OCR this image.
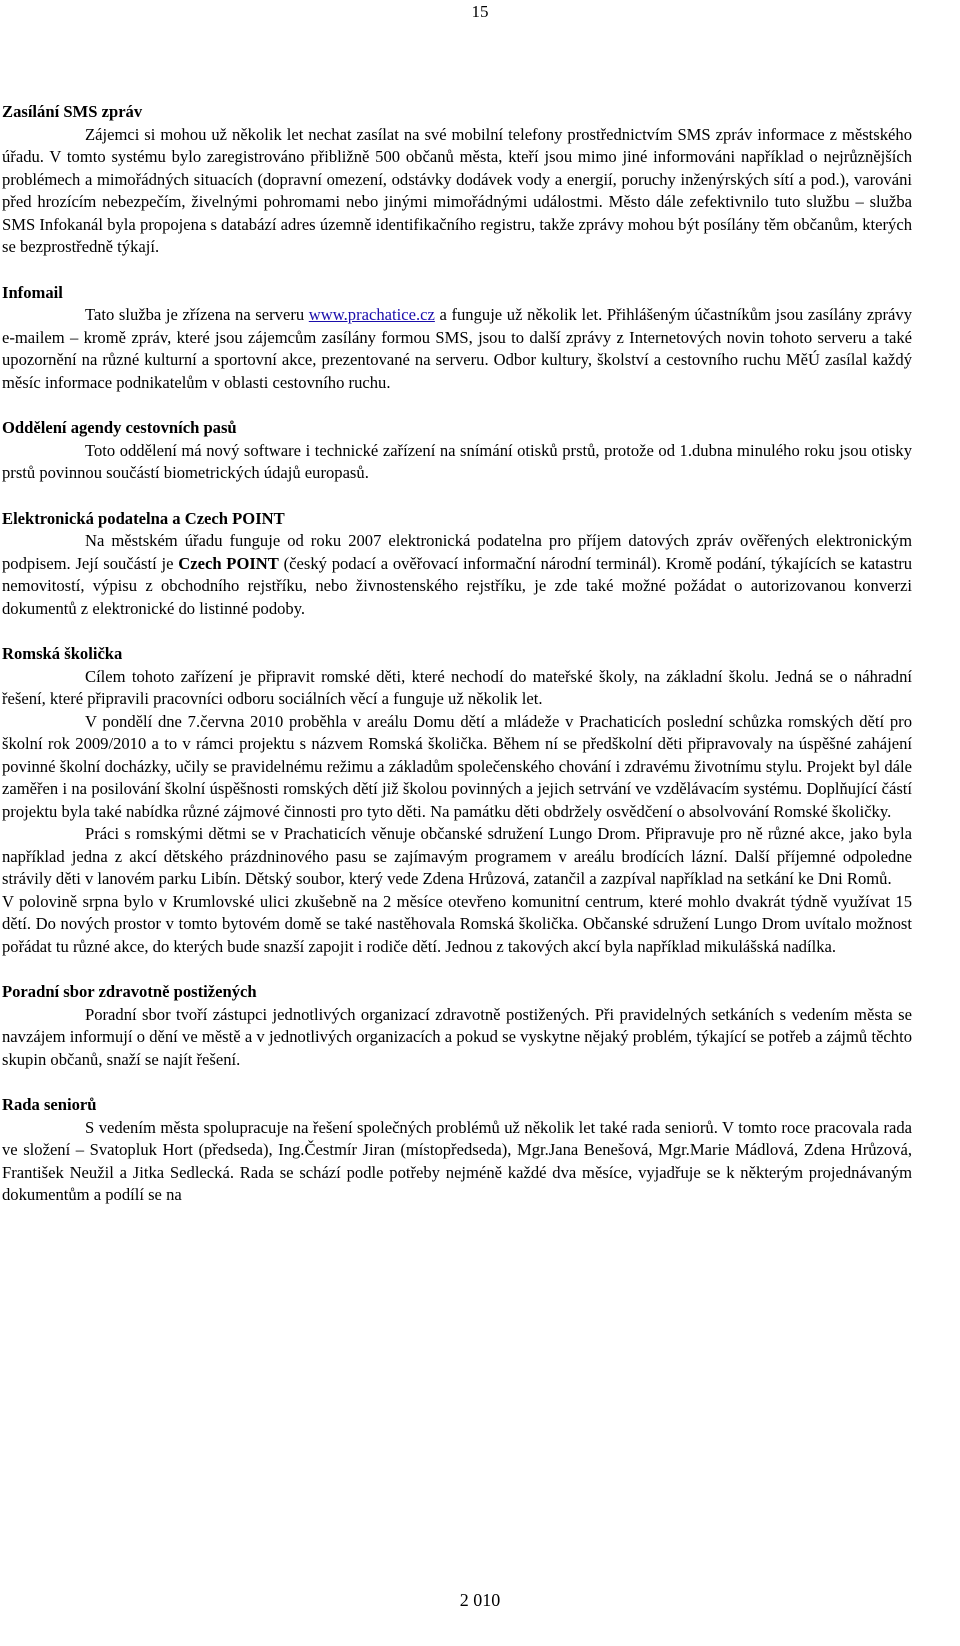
15
Zasílání SMS zpráv

Zájemci si mohou už několik let nechat zasílat na své mobilní telefony prostřednictvím SMS zpráv informace z městského úřadu. V tomto systému bylo zaregistrováno přibližně 500 občanů města, kteří jsou mimo jiné informováni například o nejrůznějších problémech a mimořádných situacích (dopravní omezení, odstávky dodávek vody a energií, poruchy inženýrských sítí a pod.), varováni před hrozícím nebezpečím, živelnými pohromami nebo jinými mimořádnými událostmi. Město dále zefektivnilo tuto službu – služba SMS Infokanál byla propojena s databází adres územně identifikačního registru, takže zprávy mohou být posílány těm občanům, kterých se bezprostředně týkají.

Infomail

Tato služba je zřízena na serveru www.prachatice.cz a funguje už několik let. Přihlášeným účastníkům jsou zasílány zprávy e-mailem – kromě zpráv, které jsou zájemcům zasílány formou SMS, jsou to další zprávy z Internetových novin tohoto serveru a také upozornění na různé kulturní a sportovní akce, prezentované na serveru. Odbor kultury, školství a cestovního ruchu MěÚ zasílal každý měsíc informace podnikatelům v oblasti cestovního ruchu.

Oddělení agendy cestovních pasů

Toto oddělení má nový software i technické zařízení na snímání otisků prstů, protože od 1.dubna minulého roku jsou otisky prstů povinnou součástí biometrických údajů europasů.

Elektronická podatelna a Czech POINT

Na městském úřadu funguje od roku 2007 elektronická podatelna pro příjem datových zpráv ověřených elektronickým podpisem. Její součástí je Czech POINT (český podací a ověřovací informační národní terminál). Kromě podání, týkajících se katastru nemovitostí, výpisu z obchodního rejstříku, nebo živnostenského rejstříku, je zde také možné požádat o autorizovanou konverzi dokumentů z elektronické do listinné podoby.

Romská školička

Cílem tohoto zařízení je připravit romské děti, které nechodí do mateřské školy, na základní školu. Jedná se o náhradní řešení, které připravili pracovníci odboru sociálních věcí a funguje už několik let.

V pondělí dne 7.června 2010 proběhla v areálu Domu dětí a mládeže v Prachaticích poslední schůzka romských dětí pro školní rok 2009/2010 a to v rámci projektu s názvem Romská školička. Během ní se předškolní děti připravovaly na úspěšné zahájení povinné školní docházky, učily se pravidelnému režimu a základům společenského chování i zdravému životnímu stylu. Projekt byl dále zaměřen i na posilování školní úspěšnosti romských dětí již školou povinných a jejich setrvání ve vzdělávacím systému. Doplňující částí projektu byla také nabídka různé zájmové činnosti pro tyto děti. Na památku děti obdržely osvědčení o absolvování Romské školičky.

Práci s romskými dětmi se v Prachaticích věnuje občanské sdružení Lungo Drom. Připravuje pro ně různé akce, jako byla například jedna z akcí dětského prázdninového pasu se zajímavým programem v areálu brodících lázní. Další příjemné odpoledne strávily děti v lanovém parku Libín. Dětský soubor, který vede Zdena Hrůzová, zatančil a zazpíval například na setkání ke Dni Romů.

V polovině srpna bylo v Krumlovské ulici zkušebně na 2 měsíce otevřeno komunitní centrum, které mohlo dvakrát týdně využívat 15 dětí. Do nových prostor v tomto bytovém domě se také nastěhovala Romská školička. Občanské sdružení Lungo Drom uvítalo možnost pořádat tu různé akce, do kterých bude snazší zapojit i rodiče dětí. Jednou z takových akcí byla například mikulášská nadílka.

Poradní sbor zdravotně postižených

Poradní sbor tvoří zástupci jednotlivých organizací zdravotně postižených. Při pravidelných setkáních s vedením města se navzájem informují o dění ve městě a v jednotlivých organizacích a pokud se vyskytne nějaký problém, týkající se potřeb a zájmů těchto skupin občanů, snaží se najít řešení.

Rada seniorů

S vedením města spolupracuje na řešení společných problémů už několik let také rada seniorů. V tomto roce pracovala rada ve složení – Svatopluk Hort (předseda), Ing.Čestmír Jiran (místopředseda), Mgr.Jana Benešová, Mgr.Marie Mádlová, Zdena Hrůzová, František Neužil a Jitka Sedlecká. Rada se schází podle potřeby nejméně každé dva měsíce, vyjadřuje se k některým projednávaným dokumentům a podílí se na

2 010
